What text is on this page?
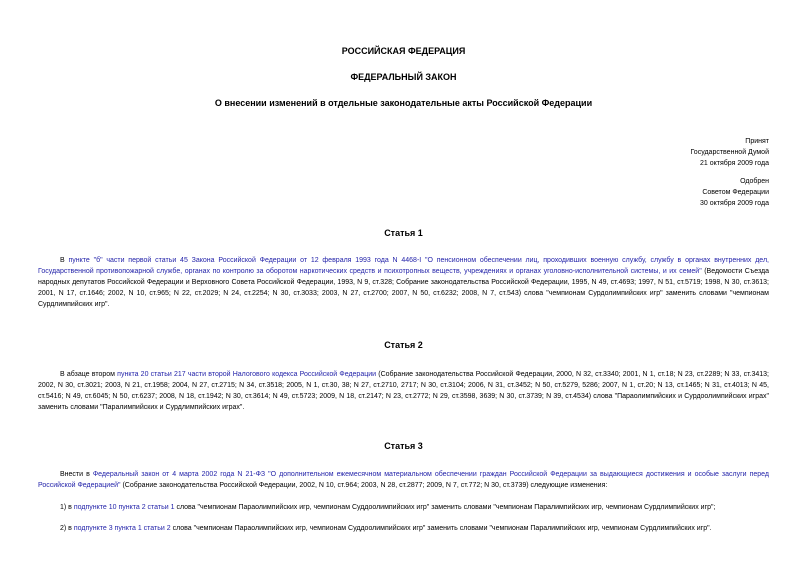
РОССИЙСКАЯ ФЕДЕРАЦИЯ

ФЕДЕРАЛЬНЫЙ ЗАКОН

О внесении изменений в отдельные законодательные акты Российской Федерации

Принят
Государственной Думой
21 октября 2009 года
Одобрен
Советом Федерации
30 октября 2009 года

Статья 1

В пункте "б" части первой статьи 45 Закона Российской Федерации от 12 февраля 1993 года N 4468-I "О пенсионном обеспечении лиц, проходивших военную службу, службу в органах внутренних дел, Государственной противопожарной службе, органах по контролю за оборотом наркотических средств и психотропных веществ, учреждениях и органах уголовно-исполнительной системы, и их семей" (Ведомости Съезда народных депутатов Российской Федерации и Верховного Совета Российской Федерации, 1993, N 9, ст.328; Собрание законодательства Российской Федерации, 1995, N 49, ст.4693; 1997, N 51, ст.5719; 1998, N 30, ст.3613; 2001, N 17, ст.1646; 2002, N 10, ст.965; N 22, ст.2029; N 24, ст.2254; N 30, ст.3033; 2003, N 27, ст.2700; 2007, N 50, ст.6232; 2008, N 7, ст.543) слова "чемпионам Сурдолимпийских игр" заменить словами "чемпионам Сурдлимпийских игр".

Статья 2

В абзаце втором пункта 20 статьи 217 части второй Налогового кодекса Российской Федерации (Собрание законодательства Российской Федерации, 2000, N 32, ст.3340; 2001, N 1, ст.18; N 23, ст.2289; N 33, ст.3413; 2002, N 30, ст.3021; 2003, N 21, ст.1958; 2004, N 27, ст.2715; N 34, ст.3518; 2005, N 1, ст.30, 38; N 27, ст.2710, 2717; N 30, ст.3104; 2006, N 31, ст.3452; N 50, ст.5279, 5286; 2007, N 1, ст.20; N 13, ст.1465; N 31, ст.4013; N 45, ст.5416; N 49, ст.6045; N 50, ст.6237; 2008, N 18, ст.1942; N 30, ст.3614; N 49, ст.5723; 2009, N 18, ст.2147; N 23, ст.2772; N 29, ст.3598, 3639; N 30, ст.3739; N 39, ст.4534) слова "Параолимпийских и Сурдоолимпийских играх" заменить словами "Паралимпийских и Сурдлимпийских играх".

Статья 3

Внести в Федеральный закон от 4 марта 2002 года N 21-ФЗ "О дополнительном ежемесячном материальном обеспечении граждан Российской Федерации за выдающиеся достижения и особые заслуги перед Российской Федерацией" (Собрание законодательства Российской Федерации, 2002, N 10, ст.964; 2003, N 28, ст.2877; 2009, N 7, ст.772; N 30, ст.3739) следующие изменения:

1) в подпункте 10 пункта 2 статьи 1 слова "чемпионам Параолимпийских игр, чемпионам Суддоолимпийских игр" заменить словами "чемпионам Паралимпийских игр, чемпионам Сурдлимпийских игр";

2) в подпункте 3 пункта 1 статьи 2 слова "чемпионам Параолимпийских игр, чемпионам Суддоолимпийских игр" заменить словами "чемпионам Паралимпийских игр, чемпионам Сурдлимпийских игр".
